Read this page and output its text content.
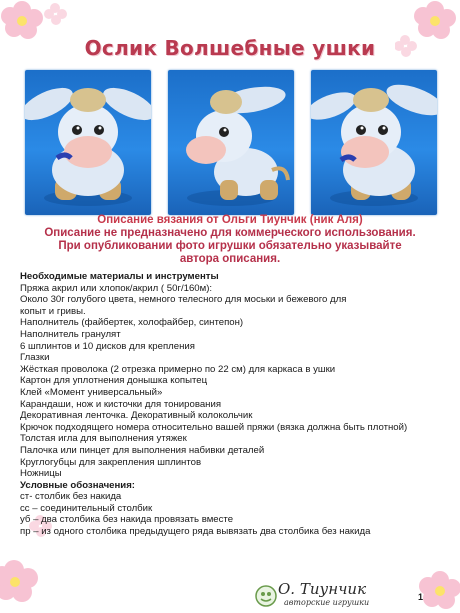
Ослик Волшебные ушки
Описание вязания от Ольги Тиунчик (ник Аля)
Описание не предназначено для коммерческого использования.
При опубликовании фото игрушки обязательно указывайте
автора описания.
Необходимые материалы и инструменты
Пряжа акрил или хлопок/акрил ( 50г/160м):
Около 30г голубого цвета, немного телесного для моськи и бежевого для
копыт и гривы.
Наполнитель (файбертек, холофайбер, синтепон)
Наполнитель гранулят
6 шплинтов и 10 дисков для крепления
Глазки
Жёсткая проволока (2 отрезка примерно по 22 см) для каркаса в ушки
Картон для уплотнения донышка копытец
Клей «Момент универсальный»
Карандаши, нож и кисточки для тонирования
Декоративная ленточка. Декоративный колокольчик
Крючок подходящего номера относительно вашей пряжи (вязка должна быть плотной)
Толстая игла для выполнения утяжек
Палочка или пинцет для выполнения набивки деталей
Круглогубцы для закрепления шплинтов
Ножницы
Условные обозначения:
ст- столбик без накида
сс – соединительный столбик
уб – два столбика без накида провязать вместе
пр – из одного столбика предыдущего ряда вывязать два столбика без накида
О. Тиунчик
авторские игрушки
1
